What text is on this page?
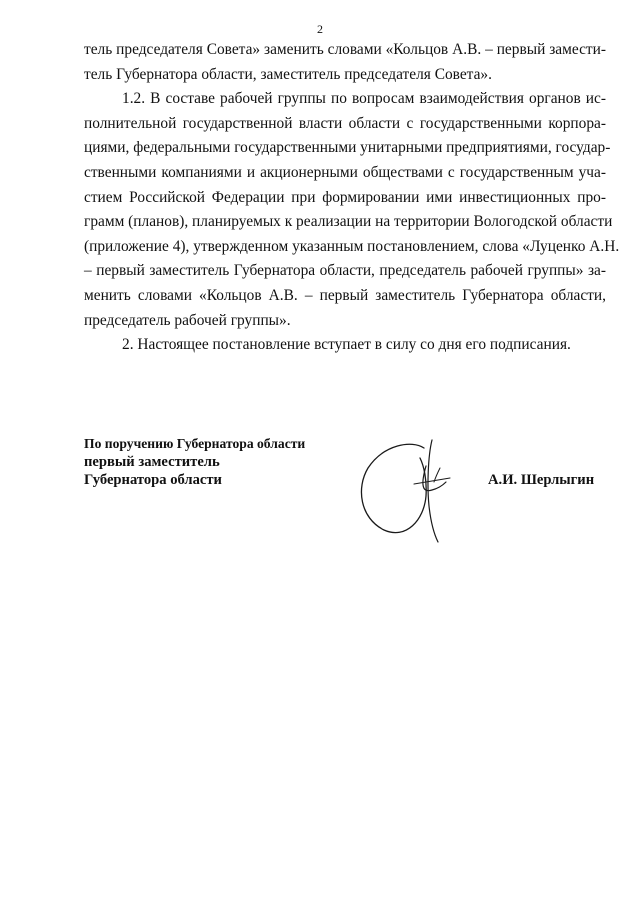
2

тель председателя Совета» заменить словами «Кольцов А.В. – первый замести-
тель Губернатора области, заместитель председателя Совета».

1.2. В составе рабочей группы по вопросам взаимодействия органов ис-
полнительной государственной власти области с государственными корпора-
циями, федеральными государственными унитарными предприятиями, государ-
ственными компаниями и акционерными обществами с государственным уча-
стием Российской Федерации при формировании ими инвестиционных про-
грамм (планов), планируемых к реализации на территории Вологодской области
(приложение 4), утвержденном указанным постановлением, слова «Луценко А.Н.
– первый заместитель Губернатора области, председатель рабочей группы» за-
менить словами «Кольцов А.В. – первый заместитель Губернатора области,
председатель рабочей группы».

2. Настоящее постановление вступает в силу со дня его подписания.

По поручению Губернатора области
первый заместитель
Губернатора области	А.И. Шерлыгин
